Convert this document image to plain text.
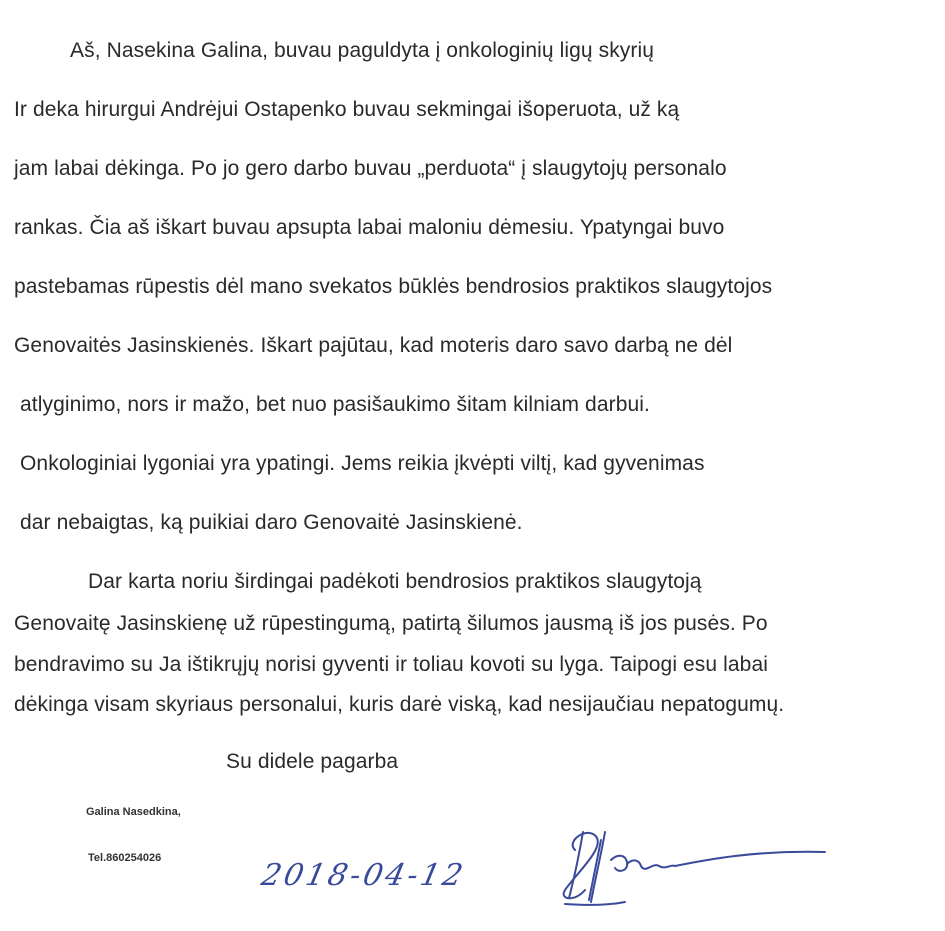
Aš, Nasekina Galina, buvau paguldyta į onkologinių ligų skyrių
Ir deka hirurgui Andrėjui Ostapenko buvau sekmingai išoperuota, už ką
jam labai dėkinga. Po jo gero darbo buvau „perduota“ į slaugytojų personalo
rankas. Čia aš iškart buvau apsupta labai maloniu dėmesiu. Ypatyngai buvo
pastebamas rūpestis dėl mano svekatos būklės bendrosios praktikos slaugytojos
Genovaitės Jasinskienės. Iškart pajūtau, kad moteris daro savo darbą ne dėl
atlyginimo, nors ir mažo, bet nuo pasišaukimo šitam kilniam darbui.
Onkologiniai lygoniai yra ypatingi. Jems reikia įkvėpti viltį, kad gyvenimas
dar nebaigtas, ką puikiai daro Genovaitė Jasinskienė.
Dar karta noriu širdingai padėkoti bendrosios praktikos slaugytoją
Genovaitę Jasinskienę už rūpestingumą, patirtą šilumos jausmą iš jos pusės. Po
bendravimo su Ja ištikrųjų norisi gyventi ir toliau kovoti su lyga. Taipogi esu labai
dėkinga visam skyriaus personalui, kuris darė viską, kad nesijaučiau nepatogumų.
Su didele pagarba
Galina Nasedkina,
Tel.860254026	2018-04-12
